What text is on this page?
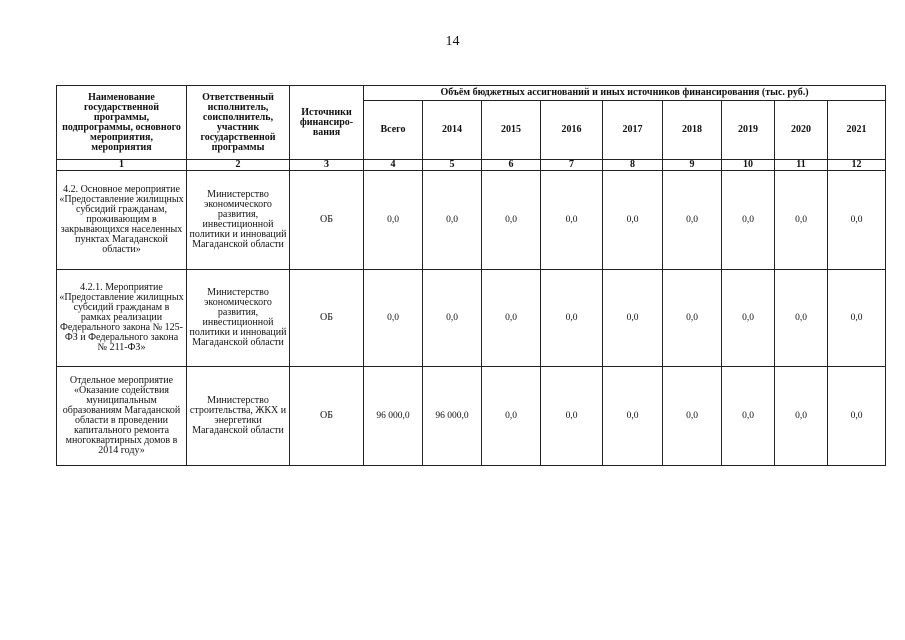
14
Наименование государственной программы, подпрограммы, основного мероприятия, мероприятия	Ответственный исполнитель, соисполнитель, участник государственной программы	Источники финансиро-вания	Объём бюджетных ассигнований и иных источников финансирования (тыс. руб.)								
			Всего	2014	2015	2016	2017	2018	2019	2020	2021
1	2	3	4	5	6	7	8	9	10	11	12
4.2. Основное мероприятие «Предоставление жилищных субсидий гражданам, проживающим в закрывающихся населенных пунктах Магаданской области»	Министерство экономического развития, инвестиционной политики и инноваций Магаданской области	ОБ	0,0	0,0	0,0	0,0	0,0	0,0	0,0	0,0	0,0
4.2.1. Мероприятие «Предоставление жилищных субсидий гражданам в рамках реализации Федерального закона № 125-ФЗ и Федерального закона № 211-ФЗ»	Министерство экономического развития, инвестиционной политики и инноваций Магаданской области	ОБ	0,0	0,0	0,0	0,0	0,0	0,0	0,0	0,0	0,0
Отдельное мероприятие «Оказание содействия муниципальным образованиям Магаданской области в проведении капитального ремонта многоквартирных домов в 2014 году»	Министерство строительства, ЖКХ и энергетики Магаданской области	ОБ	96 000,0	96 000,0	0,0	0,0	0,0	0,0	0,0	0,0	0,0
